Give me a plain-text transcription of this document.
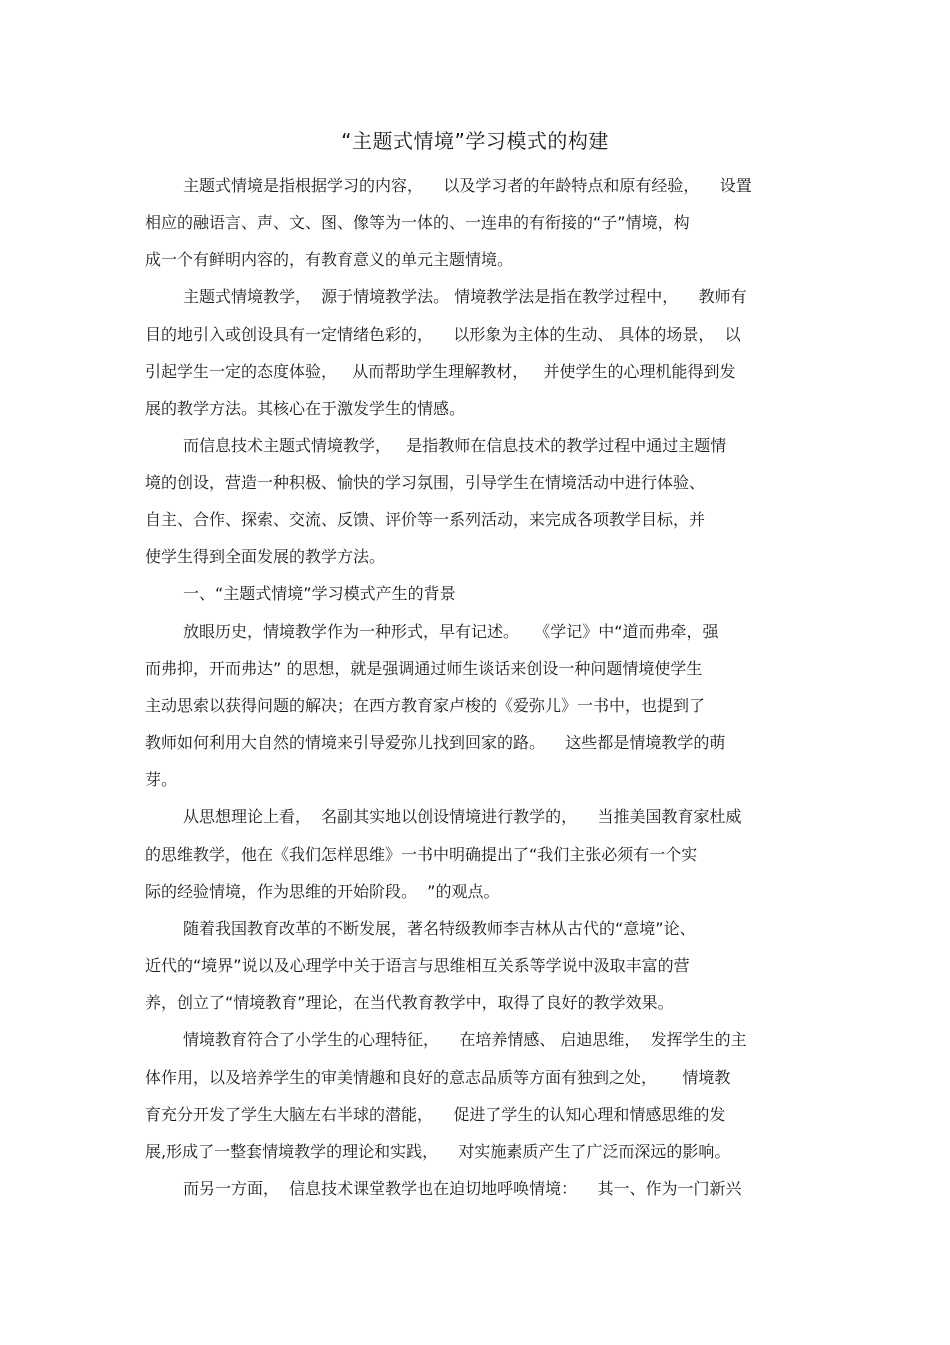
“主题式情境”学习模式的构建
主题式情境是指根据学习的内容，    以及学习者的年龄特点和原有经验，    设置
相应的融语言、声、文、图、像等为一体的、一连串的有衔接的“子”情境，构
成一个有鲜明内容的，有教育意义的单元主题情境。
主题式情境教学，  源于情境教学法。 情境教学法是指在教学过程中，    教师有
目的地引入或创设具有一定情绪色彩的，    以形象为主体的生动、 具体的场景，  以
引起学生一定的态度体验，   从而帮助学生理解教材，   并使学生的心理机能得到发
展的教学方法。其核心在于激发学生的情感。
而信息技术主题式情境教学，   是指教师在信息技术的教学过程中通过主题情
境的创设，营造一种积极、愉快的学习氛围，引导学生在情境活动中进行体验、
自主、合作、探索、交流、反馈、评价等一系列活动，来完成各项教学目标，并
使学生得到全面发展的教学方法。
一、“主题式情境”学习模式产生的背景
放眼历史，情境教学作为一种形式，早有记述。   《学记》中“道而弗牵，强
而弗抑，开而弗达” 的思想，就是强调通过师生谈话来创设一种问题情境使学生
主动思索以获得问题的解决；在西方教育家卢梭的《爱弥儿》一书中，也提到了
教师如何利用大自然的情境来引导爱弥儿找到回家的路。    这些都是情境教学的萌
芽。
从思想理论上看，  名副其实地以创设情境进行教学的，    当推美国教育家杜威
的思维教学，他在《我们怎样思维》一书中明确提出了“我们主张必须有一个实
际的经验情境，作为思维的开始阶段。  ”的观点。
随着我国教育改革的不断发展，著名特级教师李吉林从古代的“意境”论、
近代的“境界”说以及心理学中关于语言与思维相互关系等学说中汲取丰富的营
养，创立了“情境教育”理论，在当代教育教学中，取得了良好的教学效果。
情境教育符合了小学生的心理特征，    在培养情感、 启迪思维，  发挥学生的主
体作用，以及培养学生的审美情趣和良好的意志品质等方面有独到之处，     情境教
育充分开发了学生大脑左右半球的潜能，    促进了学生的认知心理和情感思维的发
展,形成了一整套情境教学的理论和实践，    对实施素质产生了广泛而深远的影响。
而另一方面，  信息技术课堂教学也在迫切地呼唤情境：    其一、作为一门新兴
